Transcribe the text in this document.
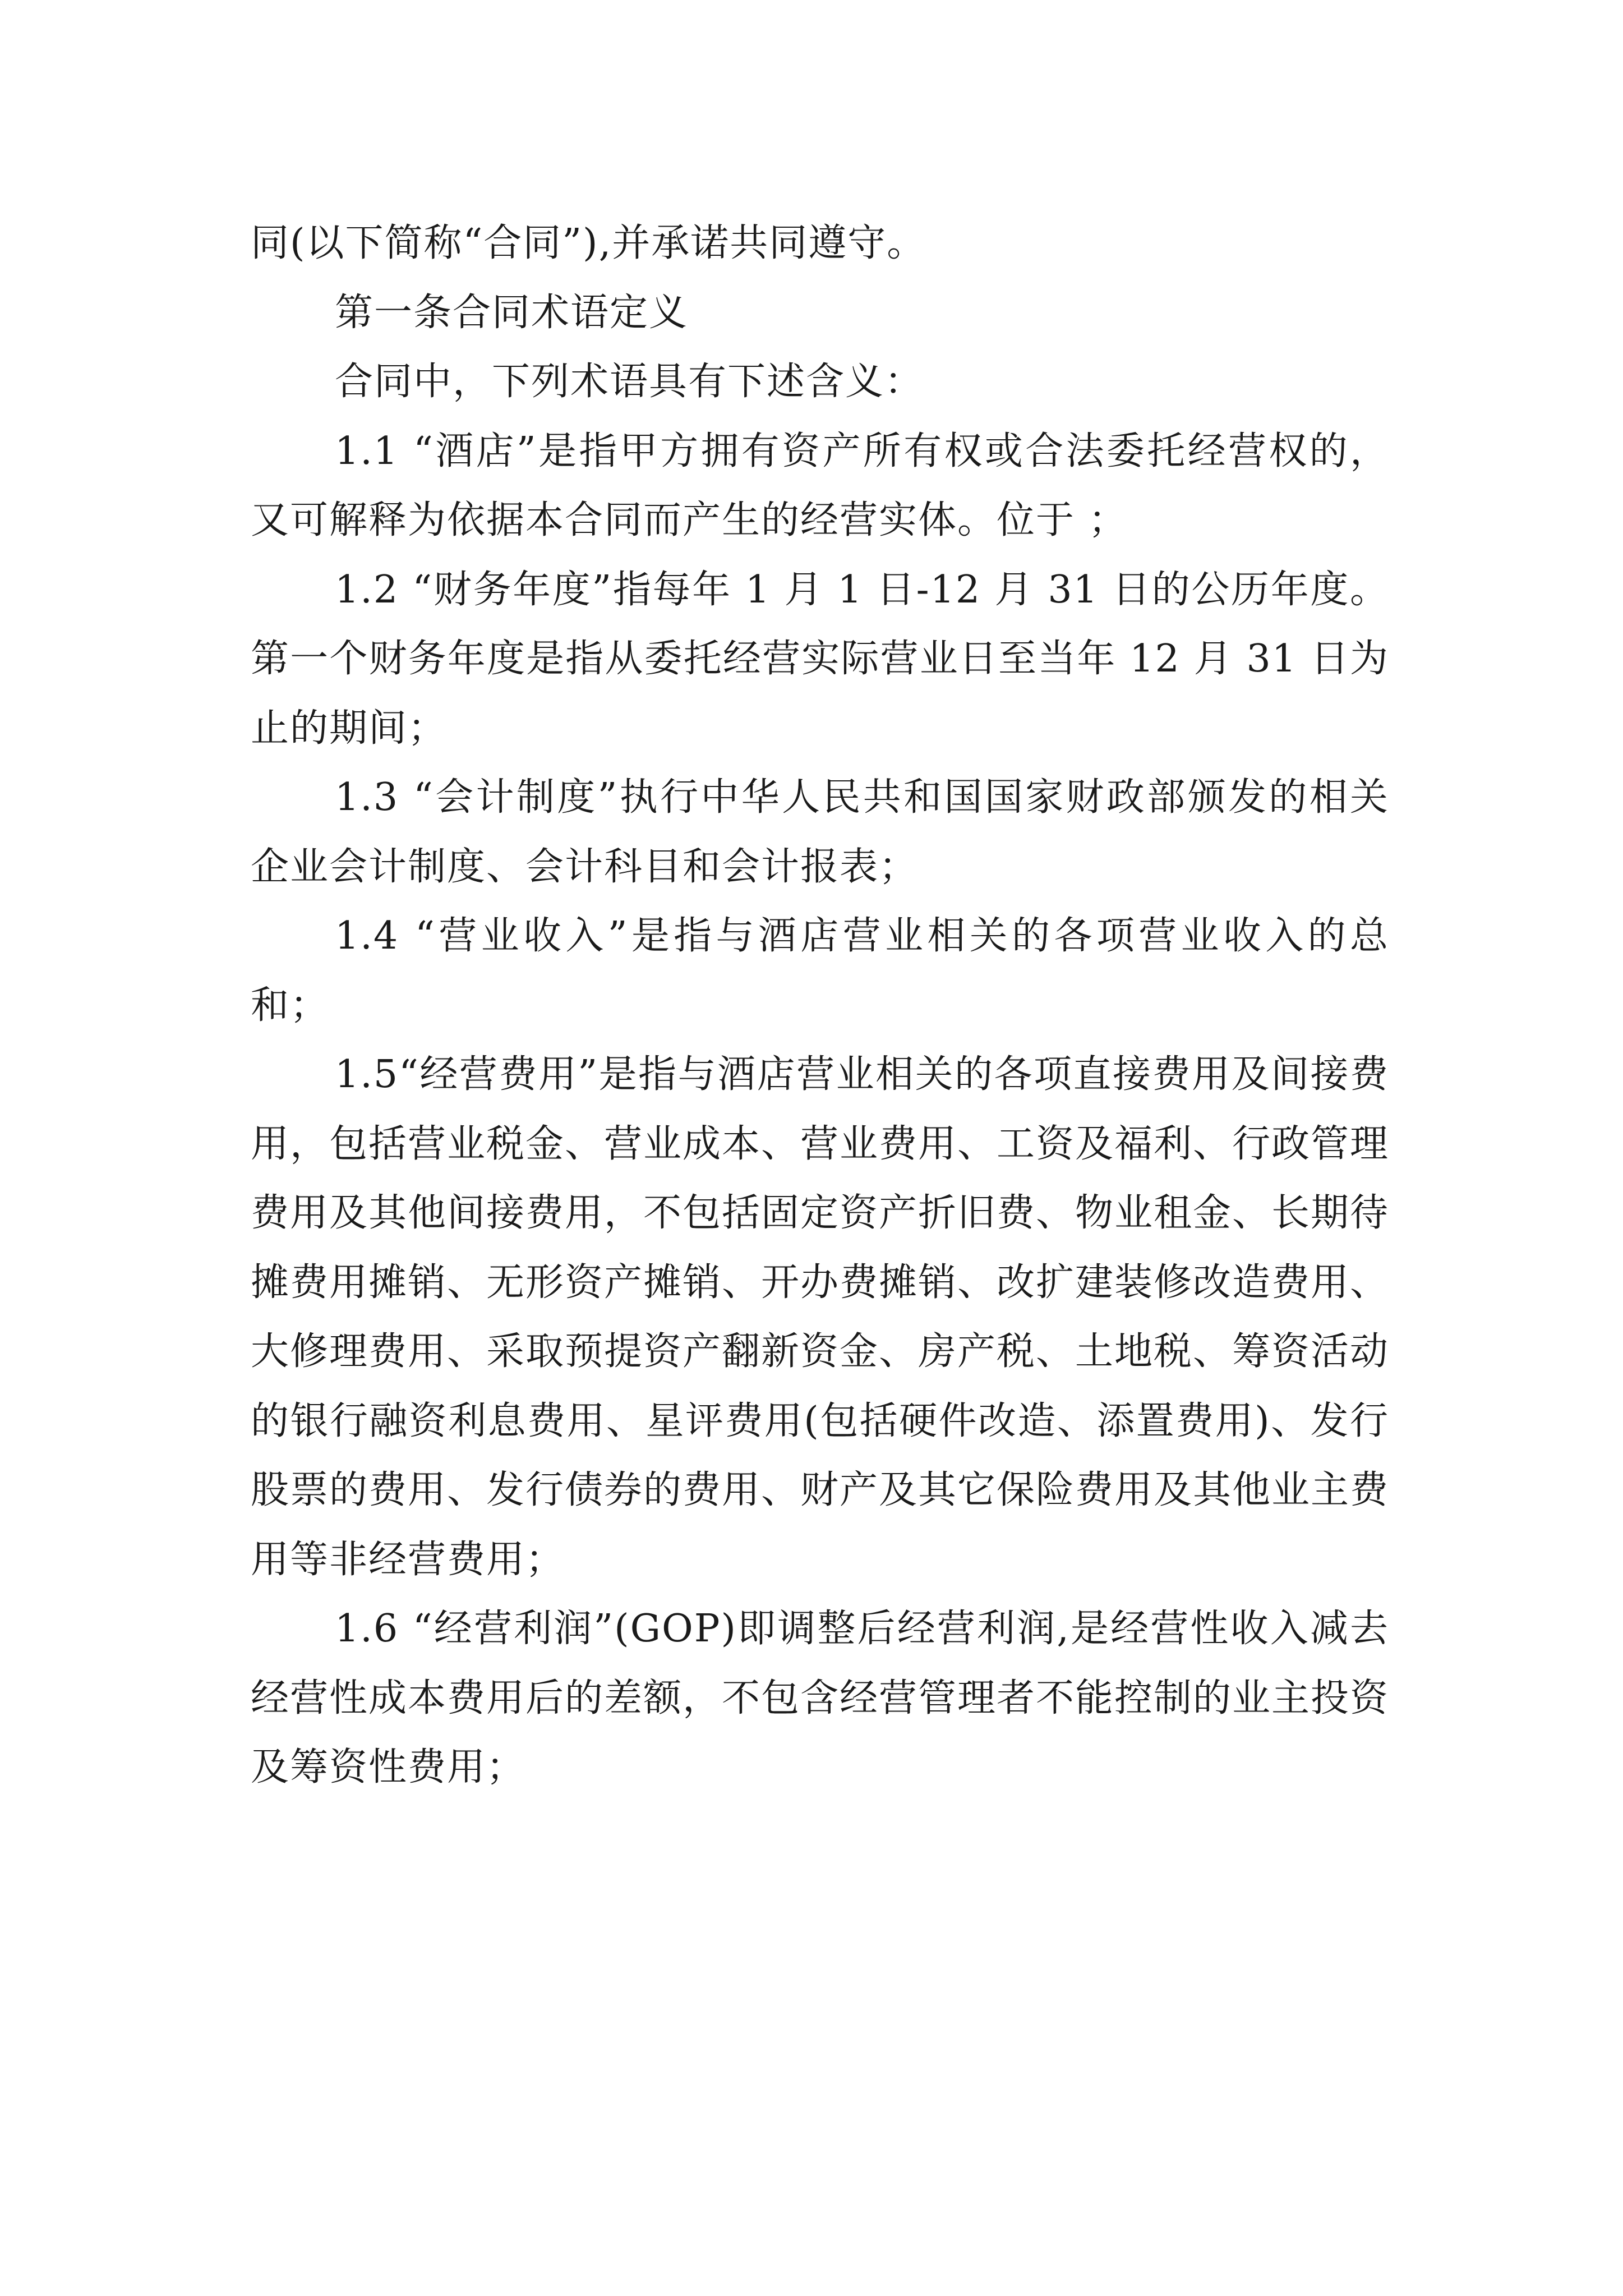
同(以下简称“合同”),并承诺共同遵守。

第一条合同术语定义

合同中，下列术语具有下述含义：

1.1 “酒店”是指甲方拥有资产所有权或合法委托经营权的，又可解释为依据本合同而产生的经营实体。位于 ；

1.2 “财务年度”指每年 1 月 1 日-12 月 31 日的公历年度。第一个财务年度是指从委托经营实际营业日至当年 12 月 31 日为止的期间；

1.3 “会计制度”执行中华人民共和国国家财政部颁发的相关企业会计制度、会计科目和会计报表；

1.4 “营业收入”是指与酒店营业相关的各项营业收入的总和；

1.5“经营费用”是指与酒店营业相关的各项直接费用及间接费用，包括营业税金、营业成本、营业费用、工资及福利、行政管理费用及其他间接费用，不包括固定资产折旧费、物业租金、长期待摊费用摊销、无形资产摊销、开办费摊销、改扩建装修改造费用、大修理费用、采取预提资产翻新资金、房产税、土地税、筹资活动的银行融资利息费用、星评费用(包括硬件改造、添置费用)、发行股票的费用、发行债券的费用、财产及其它保险费用及其他业主费用等非经营费用；

1.6 “经营利润”(GOP)即调整后经营利润,是经营性收入减去经营性成本费用后的差额，不包含经营管理者不能控制的业主投资及筹资性费用；
